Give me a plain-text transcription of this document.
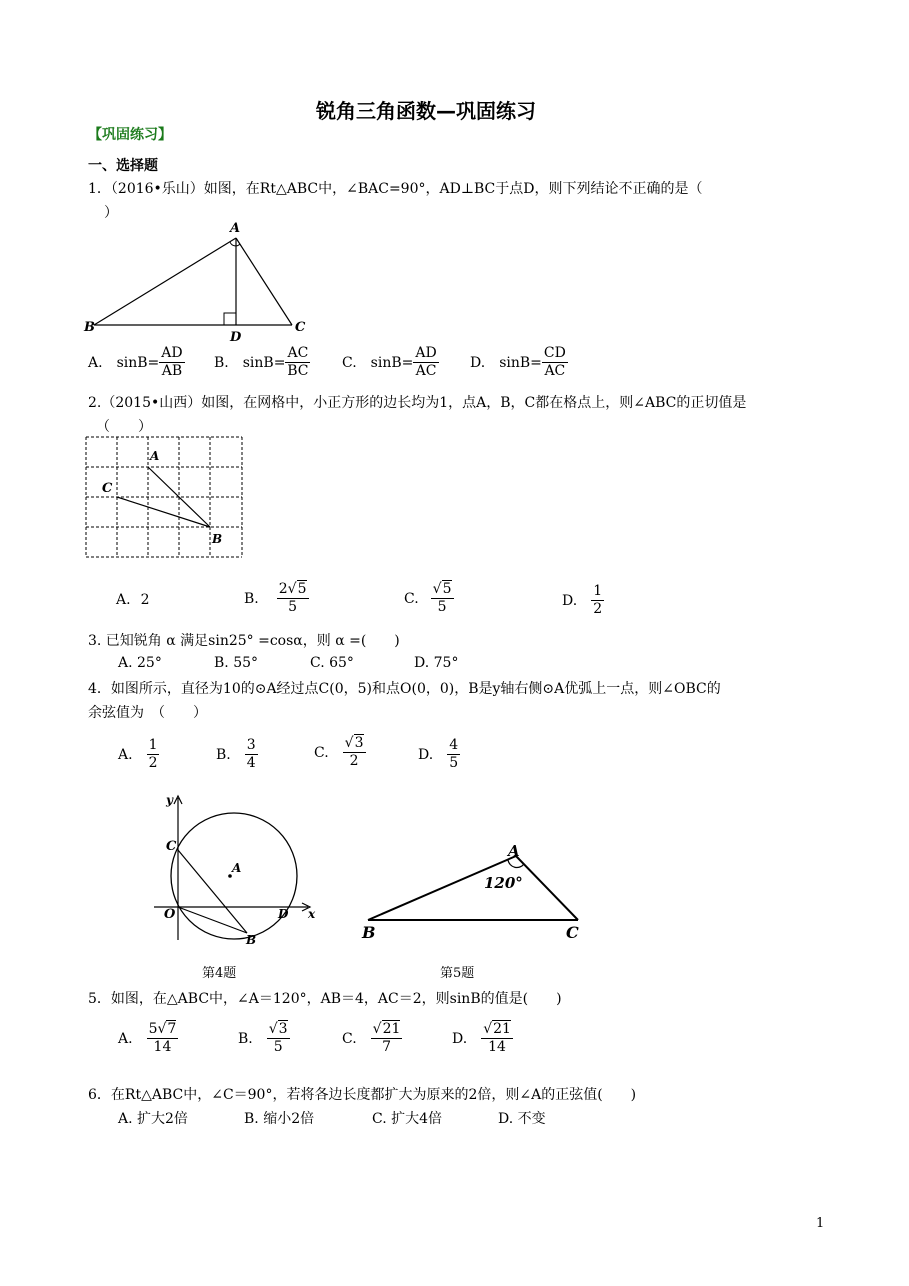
锐角三角函数—巩固练习
【巩固练习】
一、选择题
1．（2016•乐山）如图，在Rt△ABC中，∠BAC=90°，AD⊥BC于点D，则下列结论不正确的是（
）
A
B	C
D
A. $\sin B= \frac{AD}{AB} B$. $\sin B= \frac{AC}{BC} C$. $\sin B= \frac{AD}{AC} D$. $\sin B= \frac{CD}{AC}$
2.（2015•山西）如图，在网格中，小正方形的边长均为1，点A，B，C都在格点上，则∠ABC的正切值是
（　　）
A
C
B
A. 2	B. $\frac{2√5}{5}$	C. $\frac{√5}{5}$	D. $\frac{1}{2}$
3. 已知锐角 α 满足sin25° =cosα，则 α =(　　)
A. 25°	B. 55°	C. 65°	D. 75°
4．如图所示，直径为10的⊙A经过点C(0，5)和点O(0，0)，B是y轴右侧⊙A优弧上一点，则∠OBC的
余弦值为　（　　）
A. $\frac{1}{2}$	B. $\frac{3}{4}$	C. $\frac{√3}{2}$	D. $\frac{4}{5}$
y
x
C
A
O	D
B
第4题
A
120°
B	C
第5题
5．如图，在△ABC中，∠A＝120°，AB＝4，AC＝2，则sinB的值是(　　)
A. $\frac{5√7}{14}$	B. $\frac{√3}{5}$	C. $\frac{√21}{7}$	D. $\frac{√21}{14}$
6．在Rt△ABC中，∠C＝90°，若将各边长度都扩大为原来的2倍，则∠A的正弦值(　　)
A. 扩大2倍	B. 缩小2倍	C. 扩大4倍	D. 不变
1
